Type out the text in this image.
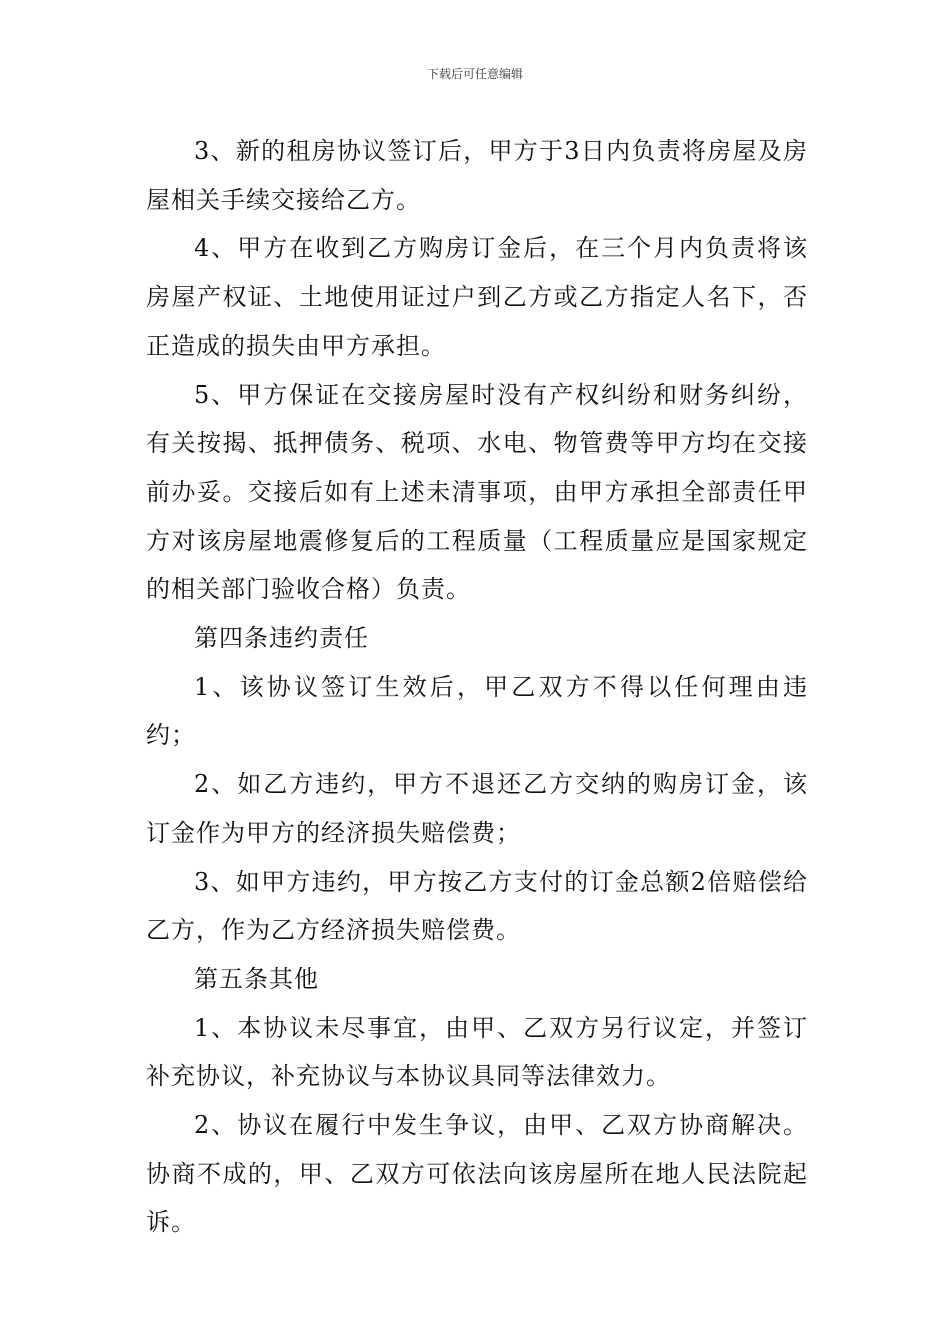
下载后可任意编辑

3、新的租房协议签订后，甲方于3日内负责将房屋及房屋相关手续交接给乙方。

4、甲方在收到乙方购房订金后，在三个月内负责将该房屋产权证、土地使用证过户到乙方或乙方指定人名下，否正造成的损失由甲方承担。

5、甲方保证在交接房屋时没有产权纠纷和财务纠纷，有关按揭、抵押债务、税项、水电、物管费等甲方均在交接前办妥。交接后如有上述未清事项，由甲方承担全部责任甲方对该房屋地震修复后的工程质量（工程质量应是国家规定的相关部门验收合格）负责。

第四条违约责任

1、该协议签订生效后，甲乙双方不得以任何理由违约；

2、如乙方违约，甲方不退还乙方交纳的购房订金，该订金作为甲方的经济损失赔偿费；

3、如甲方违约，甲方按乙方支付的订金总额2倍赔偿给乙方，作为乙方经济损失赔偿费。

第五条其他

1、本协议未尽事宜，由甲、乙双方另行议定，并签订补充协议，补充协议与本协议具同等法律效力。

2、协议在履行中发生争议，由甲、乙双方协商解决。协商不成的，甲、乙双方可依法向该房屋所在地人民法院起诉。
